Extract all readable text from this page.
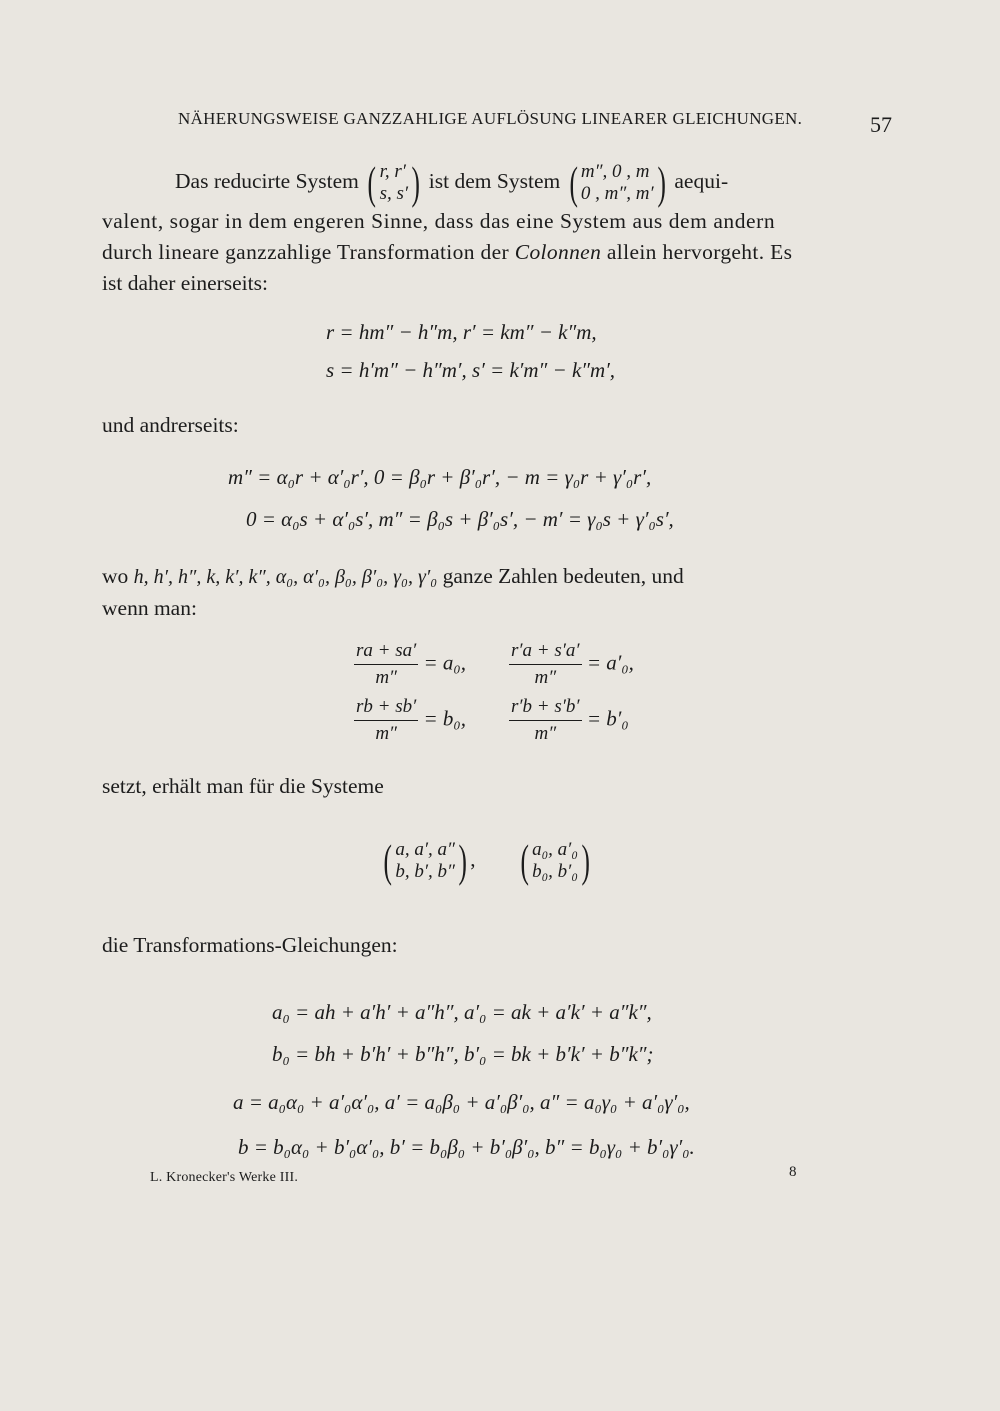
NÄHERUNGSWEISE GANZZAHLIGE AUFLÖSUNG LINEARER GLEICHUNGEN.	57
Das reducirte System ( r, r′
s, s′ ) ist dem System ( m″, 0 , m
0 , m″, m′ ) aequi-
valent, sogar in dem engeren Sinne, dass das eine System aus dem andern
durch lineare ganzzahlige Transformation der Colonnen allein hervorgeht. Es
ist daher einerseits:
r = hm″ − h″m, r′ = km″ − k″m,
s = h′m″ − h″m′, s′ = k′m″ − k″m′,
und andrerseits:
m″ = α₀r + α′₀r′, 0 = β₀r + β′₀r′, − m = γ₀r + γ′₀r′,
0 = α₀s + α′₀s′, m″ = β₀s + β′₀s′, − m′ = γ₀s + γ′₀s′,
wo h, h′, h″, k, k′, k″, α₀, α′₀, β₀, β′₀, γ₀, γ′₀ ganze Zahlen bedeuten, und
wenn man:
$\frac{ra + sa'}{m''} = a_0$, $\frac{r'a + s'a'}{m''} = a'_0$,
$\frac{rb + sb'}{m''} = b_0$, $\frac{r'b + s'b'}{m''} = b'_0$
setzt, erhält man für die Systeme
( a, a′, a″
b, b′, b″ ) , ( a₀, a′₀
b₀, b′₀ )
die Transformations-Gleichungen:
a₀ = ah + a′h′ + a″h″, a′₀ = ak + a′k′ + a″k″,
b₀ = bh + b′h′ + b″h″, b′₀ = bk + b′k′ + b″k″;
a = a₀α₀ + a′₀α′₀, a′ = a₀β₀ + a′₀β′₀, a″ = a₀γ₀ + a′₀γ′₀,
b = b₀α₀ + b′₀α′₀, b′ = b₀β₀ + b′₀β′₀, b″ = b₀γ₀ + b′₀γ′₀.
L. Kronecker's Werke III.	8
